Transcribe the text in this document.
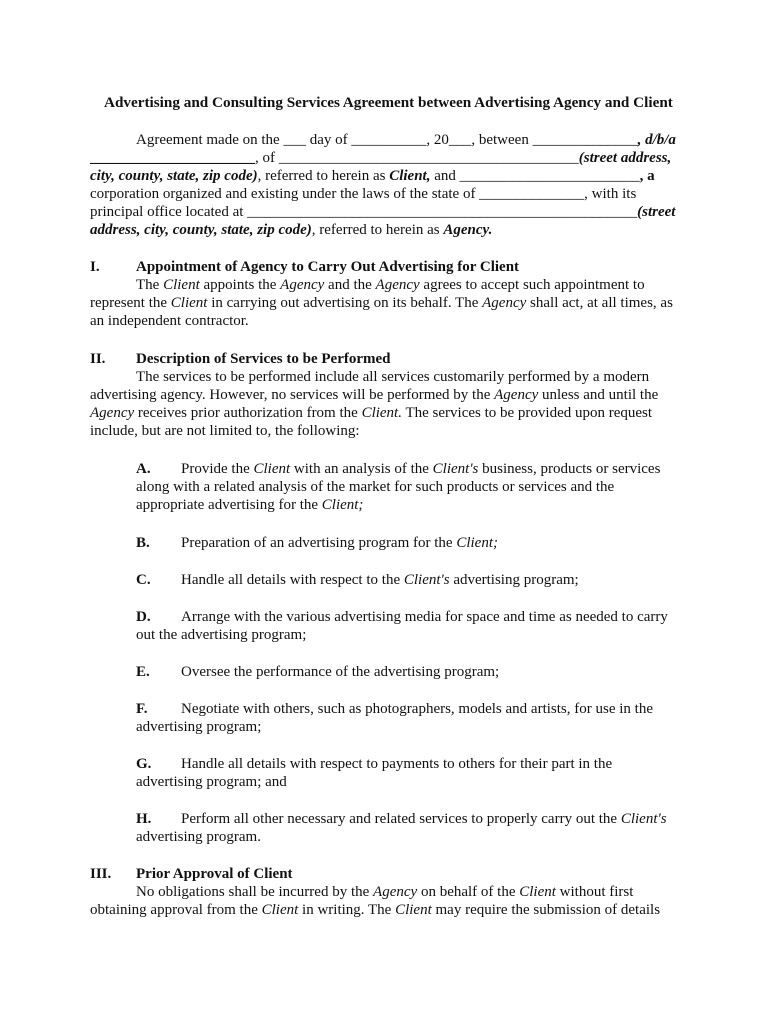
Advertising and Consulting Services Agreement between Advertising Agency and Client
Agreement made on the ___ day of __________, 20___, between ______________, d/b/a
______________________, of ________________________________________(street address,
city, county, state, zip code), referred to herein as Client, and ________________________, a
corporation organized and existing under the laws of the state of ______________, with its
principal office located at ____________________________________________________(street
address, city, county, state, zip code), referred to herein as Agency.
I. Appointment of Agency to Carry Out Advertising for Client
The Client appoints the Agency and the Agency agrees to accept such appointment to
represent the Client in carrying out advertising on its behalf. The Agency shall act, at all times, as
an independent contractor.
II. Description of Services to be Performed
The services to be performed include all services customarily performed by a modern
advertising agency. However, no services will be performed by the Agency unless and until the
Agency receives prior authorization from the Client. The services to be provided upon request
include, but are not limited to, the following:
A. Provide the Client with an analysis of the Client's business, products or services
along with a related analysis of the market for such products or services and the
appropriate advertising for the Client;
B. Preparation of an advertising program for the Client;
C. Handle all details with respect to the Client's advertising program;
D. Arrange with the various advertising media for space and time as needed to carry
out the advertising program;
E. Oversee the performance of the advertising program;
F. Negotiate with others, such as photographers, models and artists, for use in the
advertising program;
G. Handle all details with respect to payments to others for their part in the
advertising program; and
H. Perform all other necessary and related services to properly carry out the Client's
advertising program.
III. Prior Approval of Client
No obligations shall be incurred by the Agency on behalf of the Client without first
obtaining approval from the Client in writing. The Client may require the submission of details
